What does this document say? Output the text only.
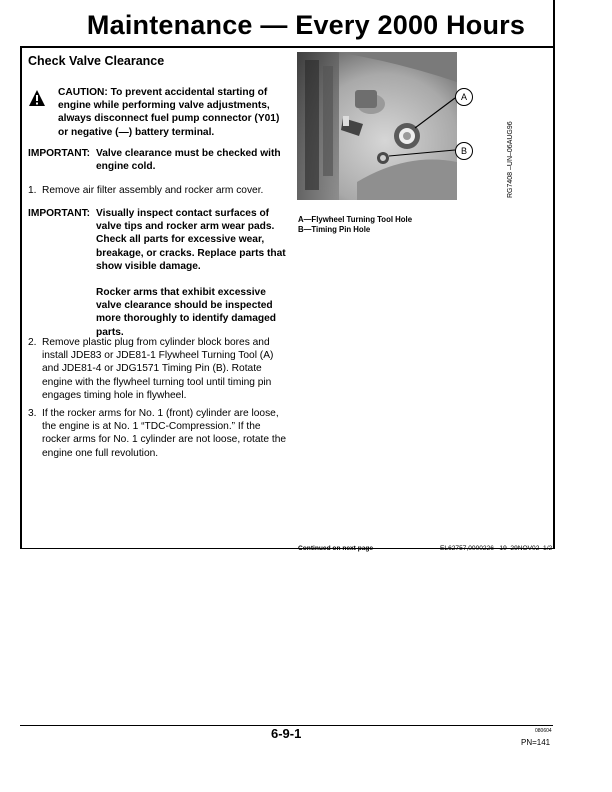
Maintenance — Every 2000 Hours
Check Valve Clearance
CAUTION: To prevent accidental starting of
engine while performing valve adjustments,
always disconnect fuel pump connector (Y01)
or negative (—) battery terminal.
IMPORTANT: Valve clearance must be checked with
engine cold.
1. Remove air filter assembly and rocker arm cover.
IMPORTANT: Visually inspect contact surfaces of
valve tips and rocker arm wear pads.
Check all parts for excessive wear,
breakage, or cracks. Replace parts that
show visible damage.
Rocker arms that exhibit excessive
valve clearance should be inspected
more thoroughly to identify damaged
parts.
2. Remove plastic plug from cylinder block bores and
install JDE83 or JDE81-1 Flywheel Turning Tool (A)
and JDE81-4 or JDG1571 Timing Pin (B). Rotate
engine with the flywheel turning tool until timing pin
engages timing hole in flywheel.
3. If the rocker arms for No. 1 (front) cylinder are loose,
the engine is at No. 1 “TDC-Compression.” If the
rocker arms for No. 1 cylinder are not loose, rotate the
engine one full revolution.
A
B	RG7408 –UN–06AUG96
A—Flywheel Turning Tool Hole
B—Timing Pin Hole
Continued on next page	EL62757,0000226 –19–29NOV02–1/2
6-9-1	080604
PN=141
